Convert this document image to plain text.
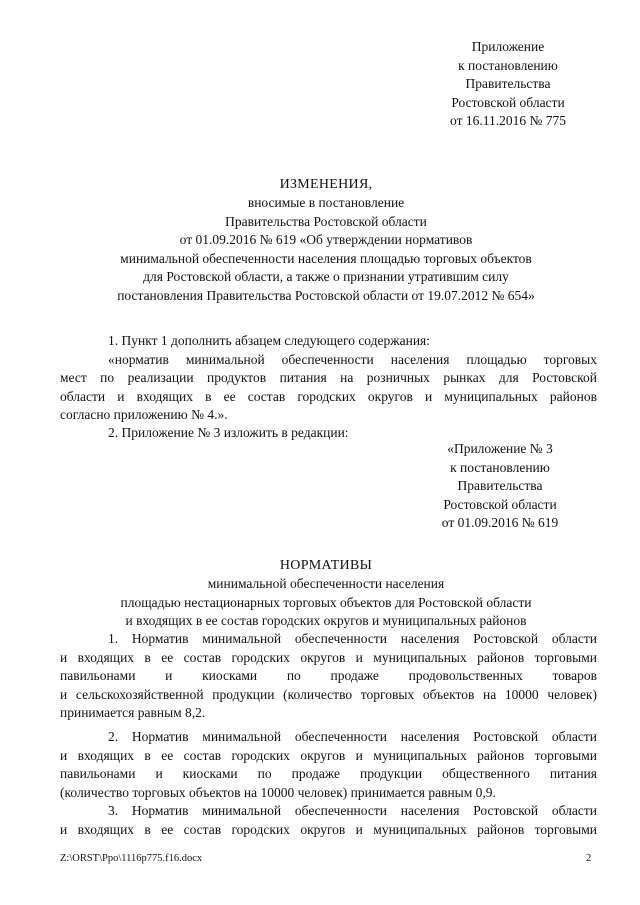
Приложение
к постановлению
Правительства
Ростовской области
от 16.11.2016 № 775
ИЗМЕНЕНИЯ,
вносимые в постановление
Правительства Ростовской области
от 01.09.2016 № 619 «Об утверждении нормативов
минимальной обеспеченности населения площадью торговых объектов
для Ростовской области, а также о признании утратившим силу
постановления Правительства Ростовской области от 19.07.2012 № 654»
1. Пункт 1 дополнить абзацем следующего содержания:
«норматив минимальной обеспеченности населения площадью торговых
мест по реализации продуктов питания на розничных рынках для Ростовской
области и входящих в ее состав городских округов и муниципальных районов
согласно приложению № 4.».
2. Приложение № 3 изложить в редакции:
«Приложение № 3
к постановлению
Правительства
Ростовской области
от 01.09.2016 № 619
НОРМАТИВЫ
минимальной обеспеченности населения
площадью нестационарных торговых объектов для Ростовской области
и входящих в ее состав городских округов и муниципальных районов
1. Норматив минимальной обеспеченности населения Ростовской области
и входящих в ее состав городских округов и муниципальных районов торговыми
павильонами и киосками по продаже продовольственных товаров
и сельскохозяйственной продукции (количество торговых объектов на 10000 человек)
принимается равным 8,2.
2. Норматив минимальной обеспеченности населения Ростовской области
и входящих в ее состав городских округов и муниципальных районов торговыми
павильонами и киосками по продаже продукции общественного питания
(количество торговых объектов на 10000 человек) принимается равным 0,9.
3. Норматив минимальной обеспеченности населения Ростовской области
и входящих в ее состав городских округов и муниципальных районов торговыми
Z:\ORST\Ppo\1116p775.f16.docx	2
